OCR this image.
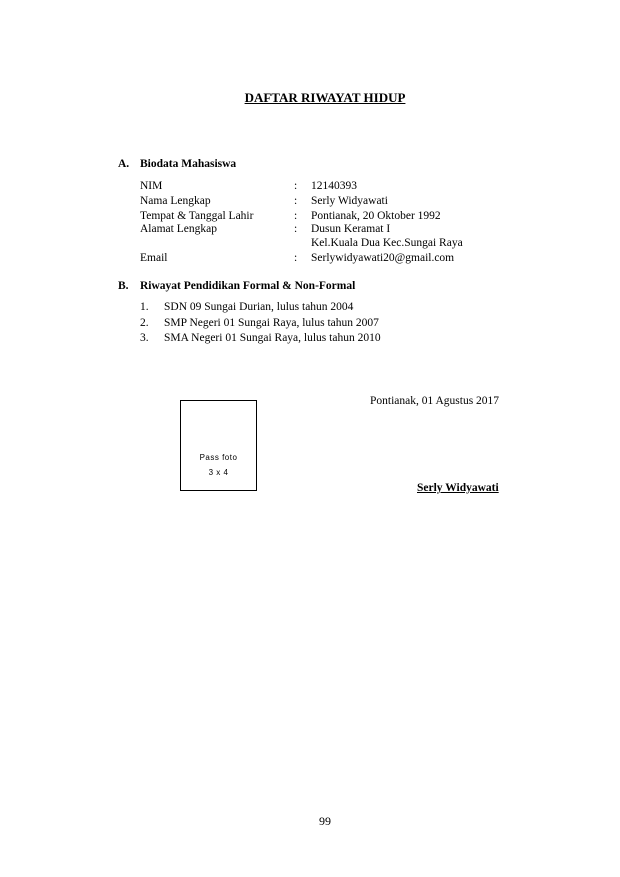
DAFTAR RIWAYAT HIDUP
A. Biodata Mahasiswa
NIM	: 12140393
Nama Lengkap	: Serly Widyawati
Tempat & Tanggal Lahir	: Pontianak, 20 Oktober 1992
Alamat Lengkap	: Dusun Keramat I
Kel.Kuala Dua Kec.Sungai Raya
Email	: Serlywidyawati20@gmail.com
B. Riwayat Pendidikan Formal & Non-Formal
1. SDN 09 Sungai Durian, lulus tahun 2004
2. SMP Negeri 01 Sungai Raya, lulus tahun 2007
3. SMA Negeri 01 Sungai Raya, lulus tahun 2010
Pontianak, 01 Agustus 2017
Pass foto
3 x 4
Serly Widyawati
99
